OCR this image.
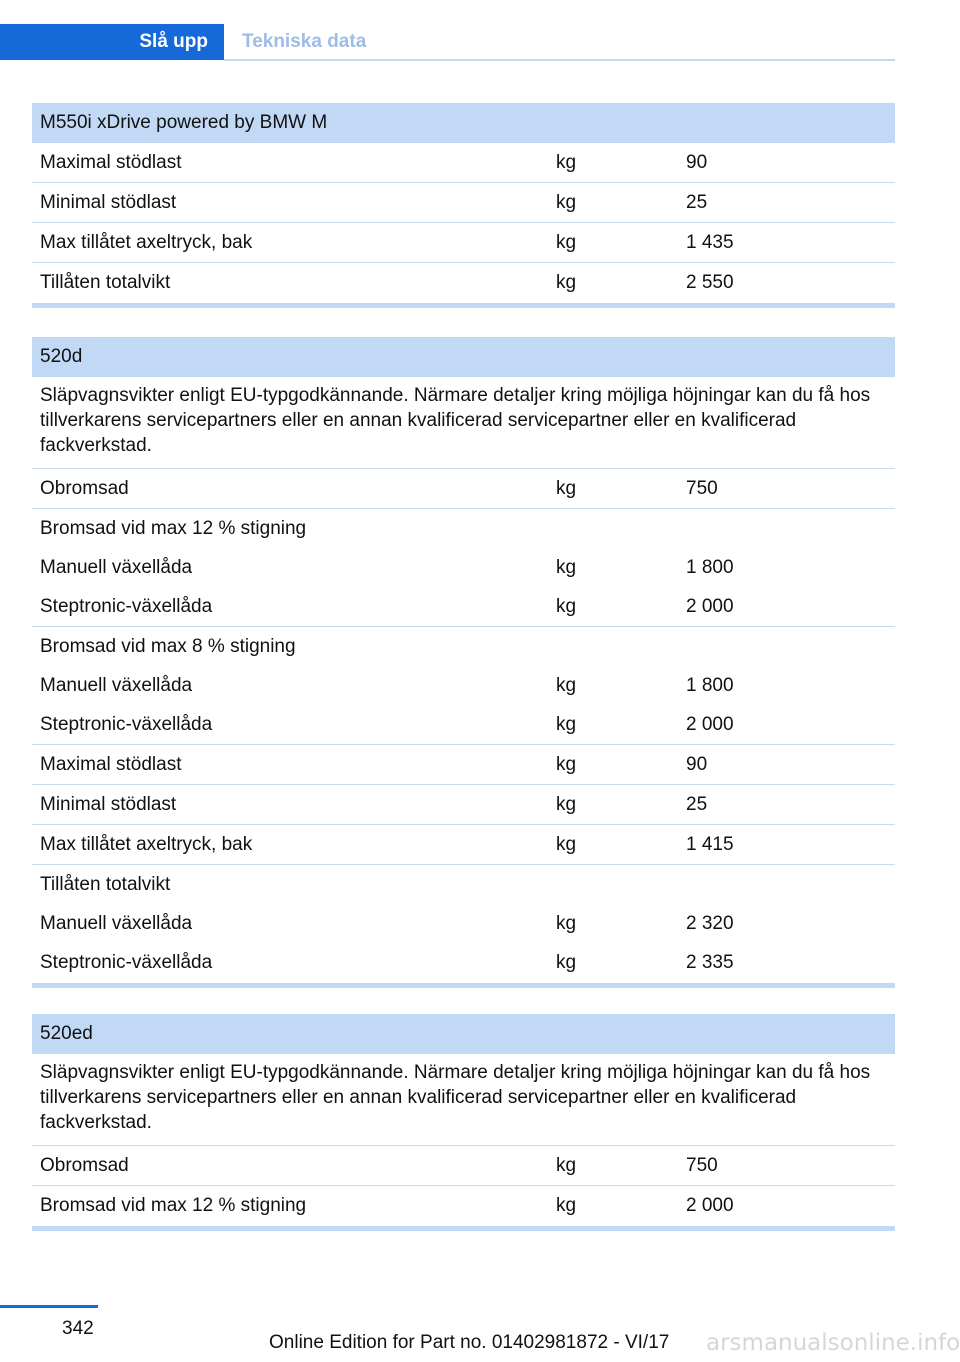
Slå upp	Tekniska data
M550i xDrive powered by BMW M
Maximal stödlast	kg	90
Minimal stödlast	kg	25
Max tillåtet axeltryck, bak	kg	1 435
Tillåten totalvikt	kg	2 550
520d
Släpvagnsvikter enligt EU-typgodkännande. Närmare detaljer kring möjliga höjningar kan du få hos tillverkarens servicepartners eller en annan kvalificerad servicepartner eller en kvalificerad fackverkstad.
Obromsad	kg	750
Bromsad vid max 12 % stigning
Manuell växellåda	kg	1 800
Steptronic-växellåda	kg	2 000
Bromsad vid max 8 % stigning
Manuell växellåda	kg	1 800
Steptronic-växellåda	kg	2 000
Maximal stödlast	kg	90
Minimal stödlast	kg	25
Max tillåtet axeltryck, bak	kg	1 415
Tillåten totalvikt
Manuell växellåda	kg	2 320
Steptronic-växellåda	kg	2 335
520ed
Släpvagnsvikter enligt EU-typgodkännande. Närmare detaljer kring möjliga höjningar kan du få hos tillverkarens servicepartners eller en annan kvalificerad servicepartner eller en kvalificerad fackverkstad.
Obromsad	kg	750
Bromsad vid max 12 % stigning	kg	2 000
342
Online Edition for Part no. 01402981872 - VI/17 arsmanualsonline.info
